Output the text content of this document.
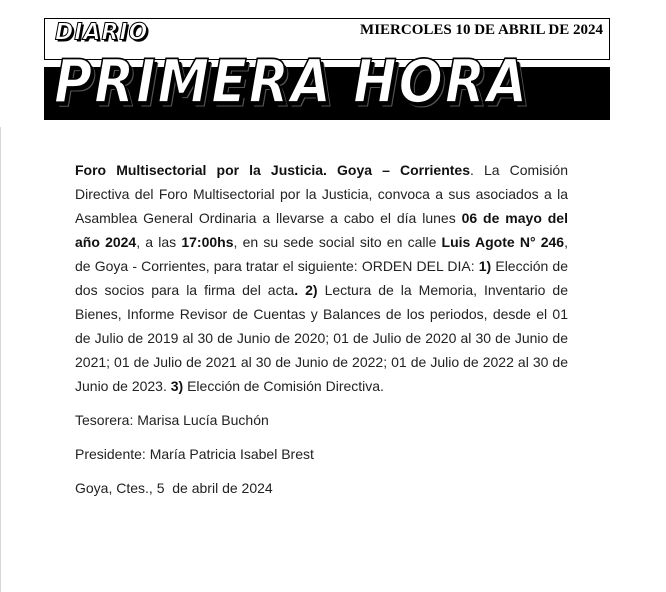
DIARIO	MIERCOLES 10 DE ABRIL DE 2024
EDICTOS
PRIMERA HORA

Foro Multisectorial por la Justicia. Goya – Corrientes. La Comisión Directiva del Foro Multisectorial por la Justicia, convoca a sus asociados a la Asamblea General Ordinaria a llevarse a cabo el día lunes 06 de mayo del año 2024, a las 17:00hs, en su sede social sito en calle Luis Agote N° 246, de Goya - Corrientes, para tratar el siguiente: ORDEN DEL DIA: 1) Elección de dos socios para la firma del acta. 2) Lectura de la Memoria, Inventario de Bienes, Informe Revisor de Cuentas y Balances de los periodos, desde el 01 de Julio de 2019 al 30 de Junio de 2020; 01 de Julio de 2020 al 30 de Junio de 2021; 01 de Julio de 2021 al 30 de Junio de 2022; 01 de Julio de 2022 al 30 de Junio de 2023. 3) Elección de Comisión Directiva.

Tesorera: Marisa Lucía Buchón

Presidente: María Patricia Isabel Brest

Goya, Ctes., 5  de abril de 2024
